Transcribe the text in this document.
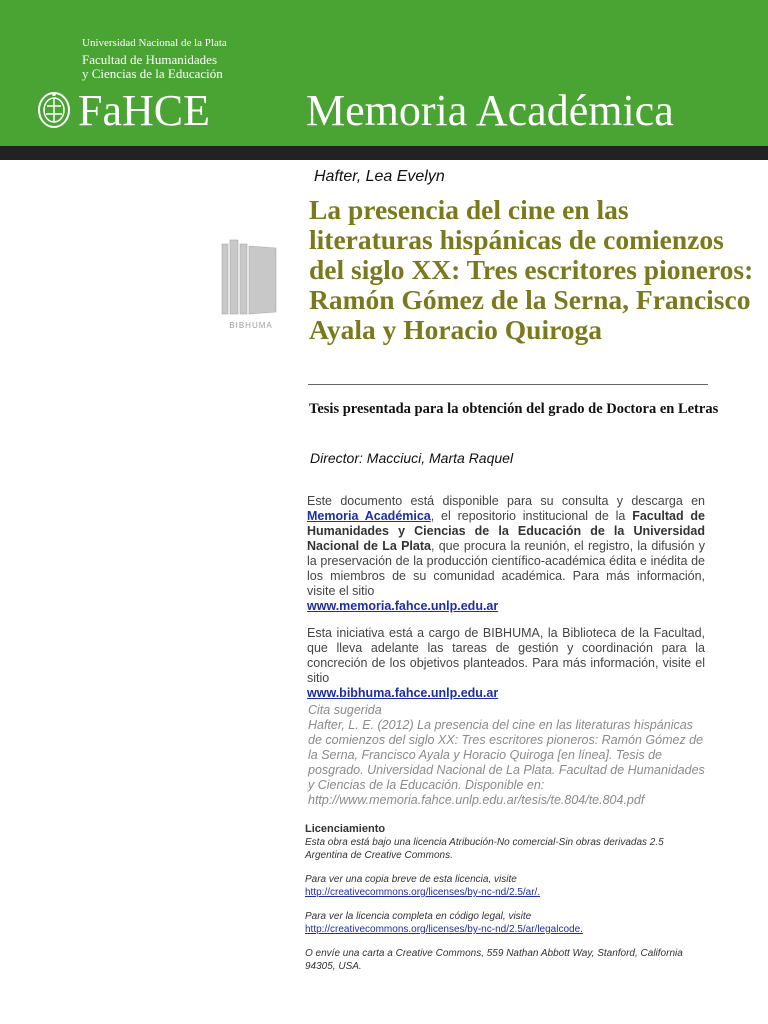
Universidad Nacional de la Plata
Facultad de Humanidades
y Ciencias de la Educación
FaHCE Memoria Académica
BIBHUMA
Hafter, Lea Evelyn
La presencia del cine en las literaturas hispánicas de comienzos del siglo XX: Tres escritores pioneros: Ramón Gómez de la Serna, Francisco Ayala y Horacio Quiroga
Tesis presentada para la obtención del grado de Doctora en Letras
Director: Macciuci, Marta Raquel
Este documento está disponible para su consulta y descarga en Memoria Académica, el repositorio institucional de la Facultad de Humanidades y Ciencias de la Educación de la Universidad Nacional de La Plata, que procura la reunión, el registro, la difusión y la preservación de la producción científico-académica édita e inédita de los miembros de su comunidad académica. Para más información, visite el sitio
www.memoria.fahce.unlp.edu.ar
Esta iniciativa está a cargo de BIBHUMA, la Biblioteca de la Facultad, que lleva adelante las tareas de gestión y coordinación para la concreción de los objetivos planteados. Para más información, visite el sitio
www.bibhuma.fahce.unlp.edu.ar
Cita sugerida
Hafter, L. E. (2012) La presencia del cine en las literaturas hispánicas de comienzos del siglo XX: Tres escritores pioneros: Ramón Gómez de la Serna, Francisco Ayala y Horacio Quiroga [en línea]. Tesis de posgrado. Universidad Nacional de La Plata. Facultad de Humanidades y Ciencias de la Educación. Disponible en: http://www.memoria.fahce.unlp.edu.ar/tesis/te.804/te.804.pdf
Licenciamiento
Esta obra está bajo una licencia Atribución-No comercial-Sin obras derivadas 2.5 Argentina de Creative Commons.
Para ver una copia breve de esta licencia, visite
http://creativecommons.org/licenses/by-nc-nd/2.5/ar/.
Para ver la licencia completa en código legal, visite
http://creativecommons.org/licenses/by-nc-nd/2.5/ar/legalcode.
O envíe una carta a Creative Commons, 559 Nathan Abbott Way, Stanford, California 94305, USA.
